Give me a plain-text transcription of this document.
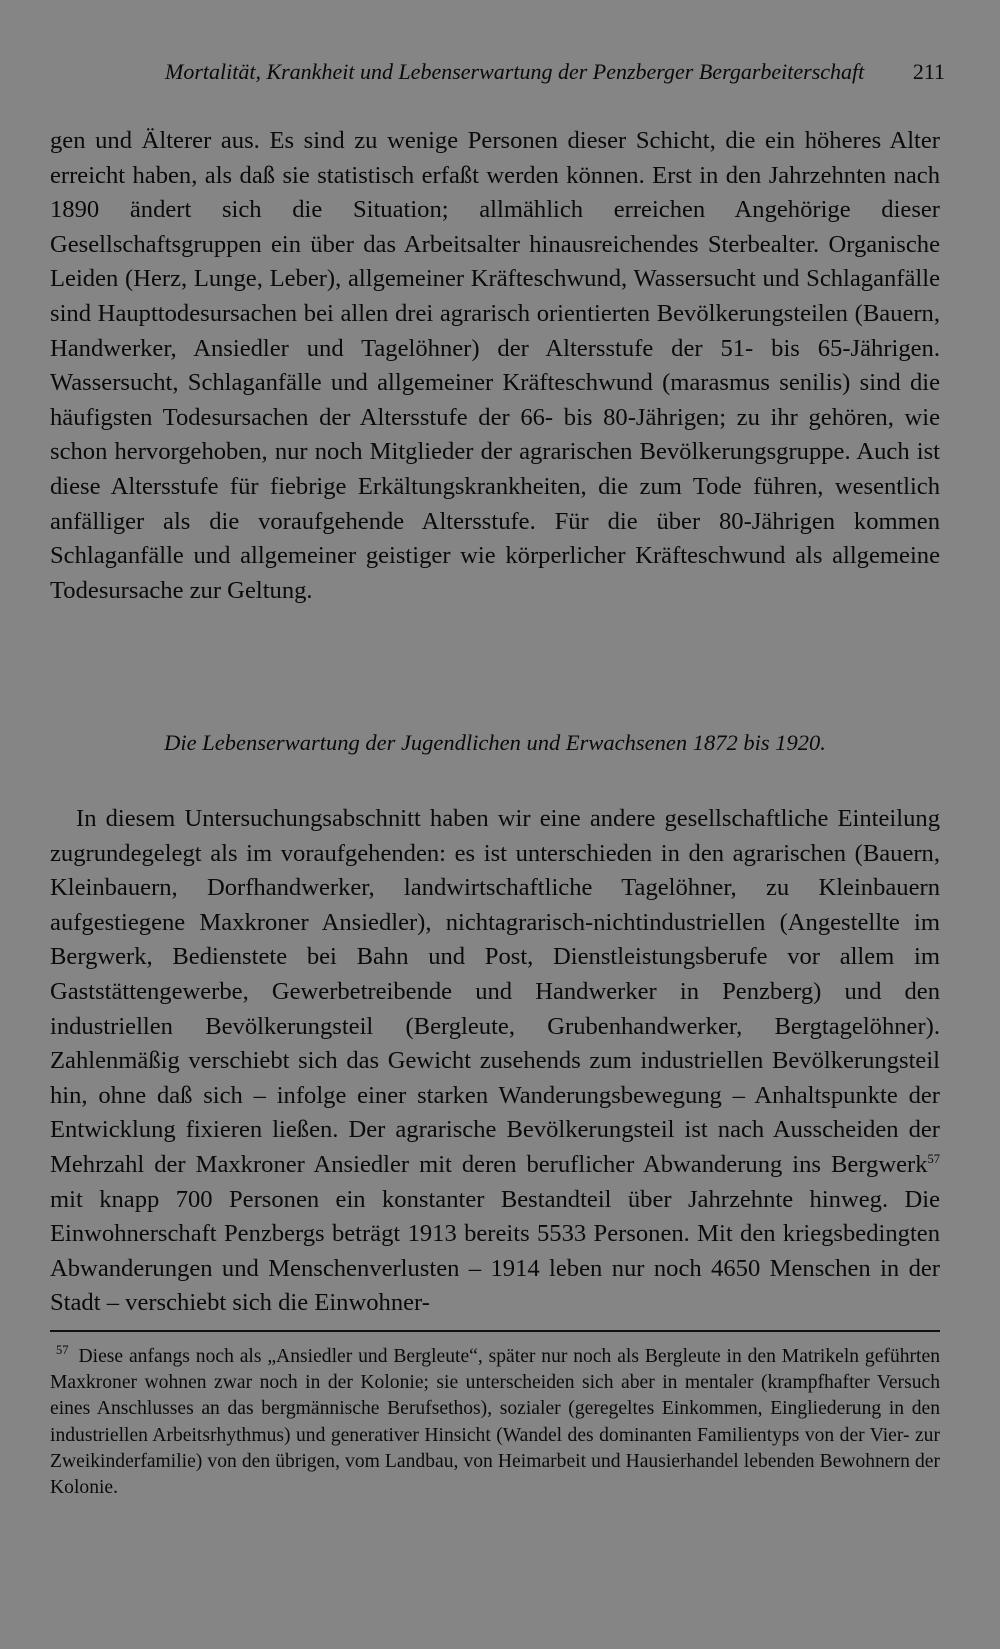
Mortalität, Krankheit und Lebenserwartung der Penzberger Bergarbeiterschaft 211

gen und Älterer aus. Es sind zu wenige Personen dieser Schicht, die ein höheres Alter erreicht haben, als daß sie statistisch erfaßt werden können. Erst in den Jahrzehnten nach 1890 ändert sich die Situation; allmählich erreichen Angehörige dieser Gesellschaftsgruppen ein über das Arbeitsalter hinausreichendes Sterbealter. Organische Leiden (Herz, Lunge, Leber), allgemeiner Kräfteschwund, Wassersucht und Schlaganfälle sind Haupttodesursachen bei allen drei agrarisch orientierten Bevölkerungsteilen (Bauern, Handwerker, Ansiedler und Tagelöhner) der Altersstufe der 51- bis 65-Jährigen. Wassersucht, Schlaganfälle und allgemeiner Kräfteschwund (marasmus senilis) sind die häufigsten Todesursachen der Altersstufe der 66- bis 80-Jährigen; zu ihr gehören, wie schon hervorgehoben, nur noch Mitglieder der agrarischen Bevölkerungsgruppe. Auch ist diese Altersstufe für fiebrige Erkältungskrankheiten, die zum Tode führen, wesentlich anfälliger als die voraufgehende Altersstufe. Für die über 80-Jährigen kommen Schlaganfälle und allgemeiner geistiger wie körperlicher Kräfteschwund als allgemeine Todesursache zur Geltung.

Die Lebenserwartung der Jugendlichen und Erwachsenen 1872 bis 1920.

In diesem Untersuchungsabschnitt haben wir eine andere gesellschaftliche Einteilung zugrundegelegt als im voraufgehenden: es ist unterschieden in den agrarischen (Bauern, Kleinbauern, Dorfhandwerker, landwirtschaftliche Tagelöhner, zu Kleinbauern aufgestiegene Maxkroner Ansiedler), nichtagrarisch-nichtindustriellen (Angestellte im Bergwerk, Bedienstete bei Bahn und Post, Dienstleistungsberufe vor allem im Gaststättengewerbe, Gewerbetreibende und Handwerker in Penzberg) und den industriellen Bevölkerungsteil (Bergleute, Grubenhandwerker, Bergtagelöhner). Zahlenmäßig verschiebt sich das Gewicht zusehends zum industriellen Bevölkerungsteil hin, ohne daß sich – infolge einer starken Wanderungsbewegung – Anhaltspunkte der Entwicklung fixieren ließen. Der agrarische Bevölkerungsteil ist nach Ausscheiden der Mehrzahl der Maxkroner Ansiedler mit deren beruflicher Abwanderung ins Bergwerk$^{57}$ mit knapp 700 Personen ein konstanter Bestandteil über Jahrzehnte hinweg. Die Einwohnerschaft Penzbergs beträgt 1913 bereits 5533 Personen. Mit den kriegsbedingten Abwanderungen und Menschenverlusten – 1914 leben nur noch 4650 Menschen in der Stadt – verschiebt sich die Einwohner-

$^{57}$ Diese anfangs noch als „Ansiedler und Bergleute“, später nur noch als Bergleute in den Matrikeln geführten Maxkroner wohnen zwar noch in der Kolonie; sie unterscheiden sich aber in mentaler (krampfhafter Versuch eines Anschlusses an das bergmännische Berufsethos), sozialer (geregeltes Einkommen, Eingliederung in den industriellen Arbeitsrhythmus) und generativer Hinsicht (Wandel des dominanten Familientyps von der Vier- zur Zweikinderfamilie) von den übrigen, vom Landbau, von Heimarbeit und Hausierhandel lebenden Bewohnern der Kolonie.
